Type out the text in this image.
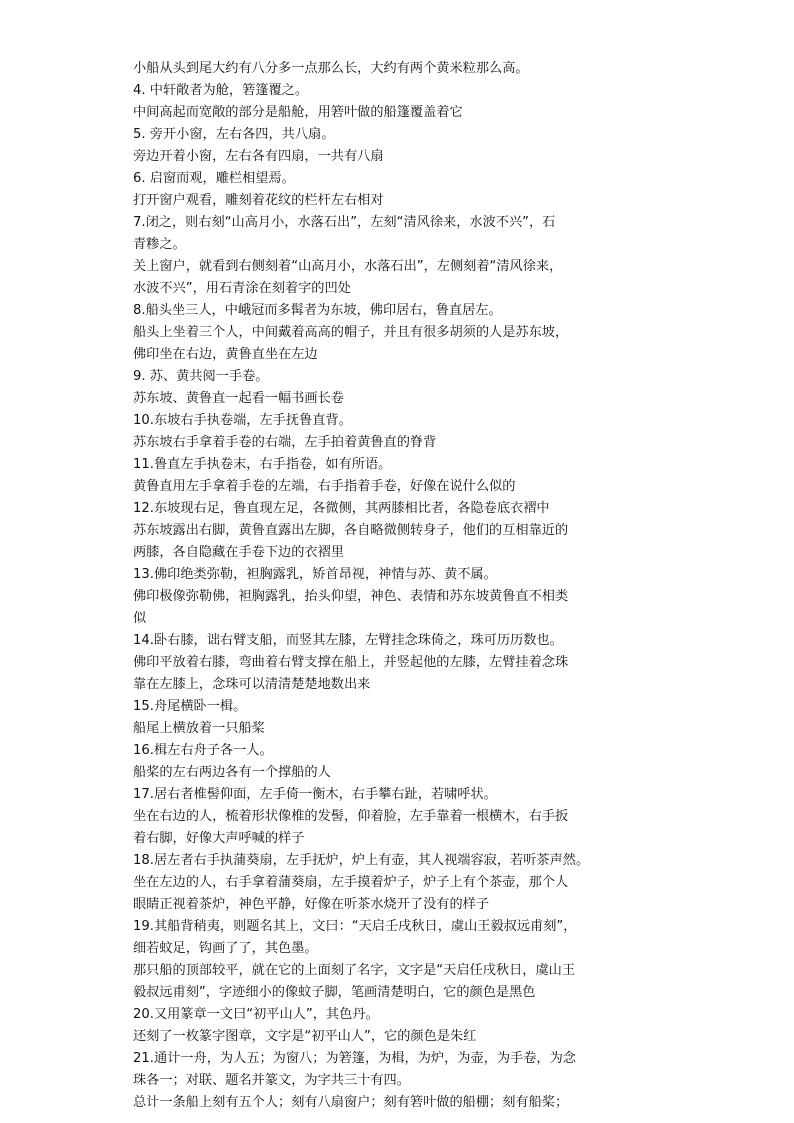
小船从头到尾大约有八分多一点那么长，大约有两个黄米粒那么高。
4. 中轩敞者为舱，箬篷覆之。
中间高起而宽敞的部分是船舱，用箬叶做的船篷覆盖着它
5. 旁开小窗，左右各四，共八扇。
旁边开着小窗，左右各有四扇，一共有八扇
6. 启窗而观，雕栏相望焉。
打开窗户观看，雕刻着花纹的栏杆左右相对
7.闭之，则右刻“山高月小，水落石出”，左刻“清风徐来，水波不兴”，石
青糁之。
关上窗户，就看到右侧刻着“山高月小，水落石出”，左侧刻着“清风徐来，
水波不兴”，用石青涂在刻着字的凹处
8.船头坐三人，中峨冠而多髯者为东坡，佛印居右，鲁直居左。
船头上坐着三个人，中间戴着高高的帽子，并且有很多胡须的人是苏东坡，
佛印坐在右边，黄鲁直坐在左边
9. 苏、黄共阅一手卷。
苏东坡、黄鲁直一起看一幅书画长卷
10.东坡右手执卷端，左手抚鲁直背。
苏东坡右手拿着手卷的右端，左手拍着黄鲁直的脊背
11.鲁直左手执卷末，右手指卷，如有所语。
黄鲁直用左手拿着手卷的左端，右手指着手卷，好像在说什么似的
12.东坡现右足，鲁直现左足，各微侧，其两膝相比者，各隐卷底衣褶中
苏东坡露出右脚，黄鲁直露出左脚，各自略微侧转身子，他们的互相靠近的
两膝，各自隐藏在手卷下边的衣褶里
13.佛印绝类弥勒，袒胸露乳，矫首昂视，神情与苏、黄不属。
佛印极像弥勒佛，袒胸露乳，抬头仰望，神色、表情和苏东坡黄鲁直不相类
似
14.卧右膝，诎右臂支船，而竖其左膝，左臂挂念珠倚之，珠可历历数也。
佛印平放着右膝，弯曲着右臂支撑在船上，并竖起他的左膝，左臂挂着念珠
靠在左膝上，念珠可以清清楚楚地数出来
15.舟尾横卧一楫。
船尾上横放着一只船桨
16.楫左右舟子各一人。
船桨的左右两边各有一个撑船的人
17.居右者椎髻仰面，左手倚一衡木，右手攀右趾，若啸呼状。
坐在右边的人，梳着形状像椎的发髻，仰着脸，左手靠着一根横木，右手扳
着右脚，好像大声呼喊的样子
18.居左者右手执蒲葵扇，左手抚炉，炉上有壶，其人视端容寂，若听茶声然。
坐在左边的人，右手拿着蒲葵扇，左手摸着炉子，炉子上有个茶壶，那个人
眼睛正视着茶炉，神色平静，好像在听茶水烧开了没有的样子
19.其船背稍夷，则题名其上，文曰：“天启壬戌秋日，虞山王毅叔远甫刻”，
细若蚊足，钩画了了，其色墨。
那只船的顶部较平，就在它的上面刻了名字，文字是“天启任戌秋日，虞山王
毅叔远甫刻”，字迹细小的像蚊子脚，笔画清楚明白，它的颜色是黑色
20.又用篆章一文曰“初平山人”，其色丹。
还刻了一枚篆字图章，文字是“初平山人”，它的颜色是朱红
21.通计一舟，为人五；为窗八；为箬篷，为楫，为炉，为壶，为手卷，为念
珠各一；对联、题名并篆文，为字共三十有四。
总计一条船上刻有五个人；刻有八扇窗户；刻有箬叶做的船棚；刻有船桨；
